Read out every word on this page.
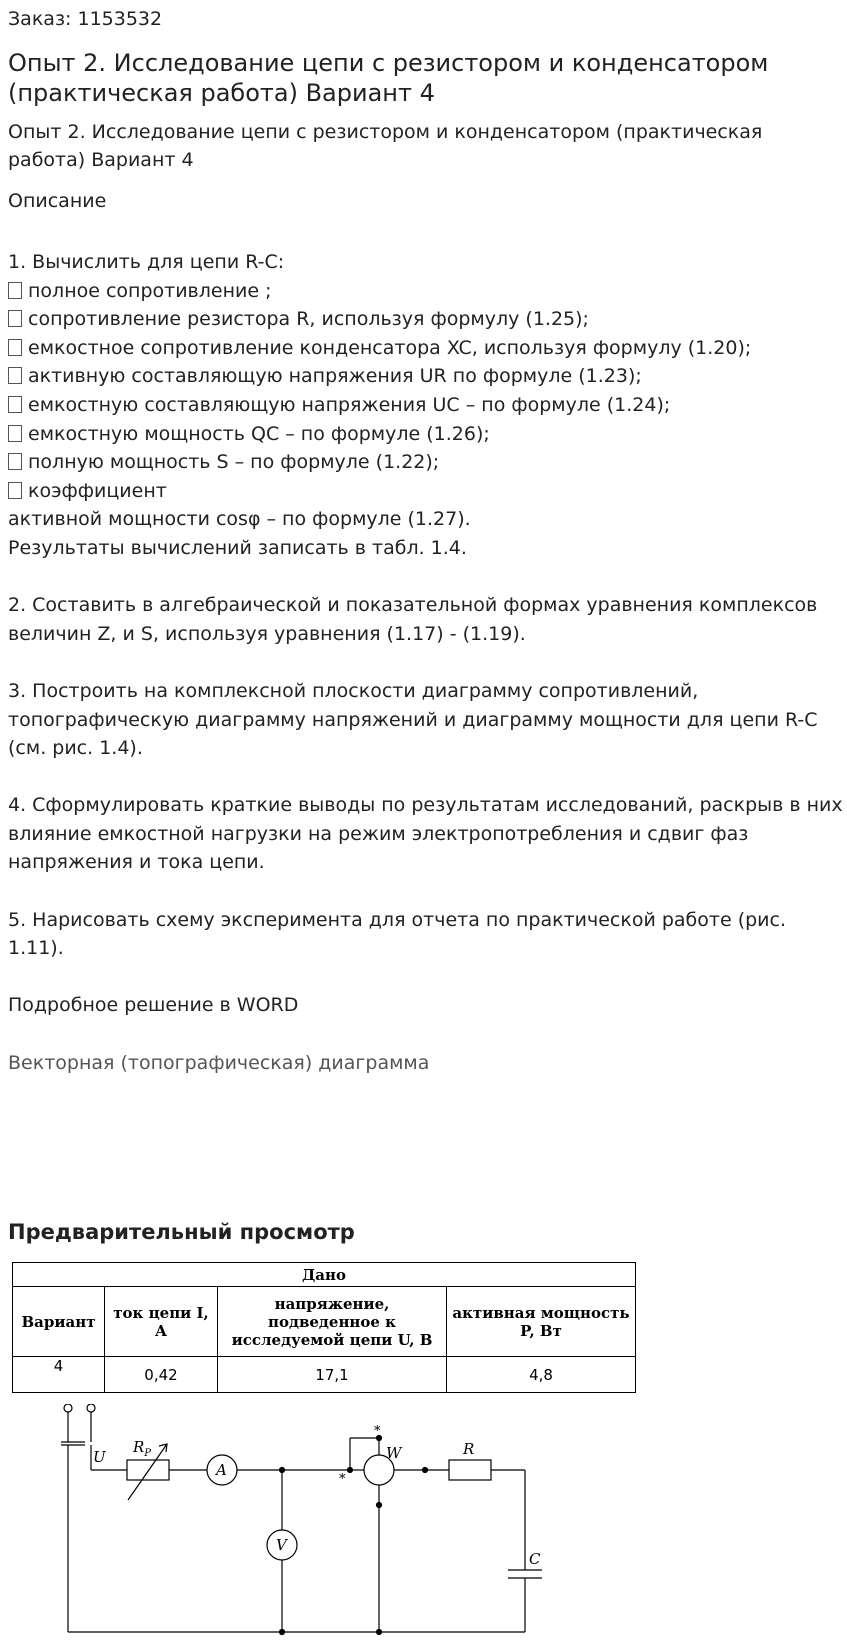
Заказ: 1153532
Опыт 2. Исследование цепи с резистором и конденсатором (практическая работа) Вариант 4
Опыт 2. Исследование цепи с резистором и конденсатором (практическая работа) Вариант 4
Описание

1. Вычислить для цепи R-C:

полное сопротивление ;

сопротивление резистора R, используя формулу (1.25);

емкостное сопротивление конденсатора XC, используя формулу (1.20);

активную составляющую напряжения UR по формуле (1.23);

емкостную составляющую напряжения UC – по формуле (1.24);

емкостную мощность QC – по формуле (1.26);

полную мощность S – по формуле (1.22);

коэффициент

активной мощности cosφ – по формуле (1.27).

Результаты вычислений записать в табл. 1.4.

2. Составить в алгебраической и показательной формах уравнения комплексов величин Z, и S, используя уравнения (1.17) - (1.19).

3. Построить на комплексной плоскости диаграмму сопротивлений, топографическую диаграмму напряжений и диаграмму мощности для цепи R-C (см. рис. 1.4).

4. Сформулировать краткие выводы по результатам исследований, раскрыв в них влияние емкостной нагрузки на режим электропотребления и сдвиг фаз напряжения и тока цепи.

5. Нарисовать схему эксперимента для отчета по практической работе (рис. 1.11).

Подробное решение в WORD

Векторная (топографическая) диаграмма
Предварительный просмотр
Дано			
Вариант	ток цепи I, А	напряжение, подведенное к исследуемой цепи U, В	активная мощность P, Вт
4	0,42	17,1	4,8
U
$R_P$
A
V
W
*
*
R
C
